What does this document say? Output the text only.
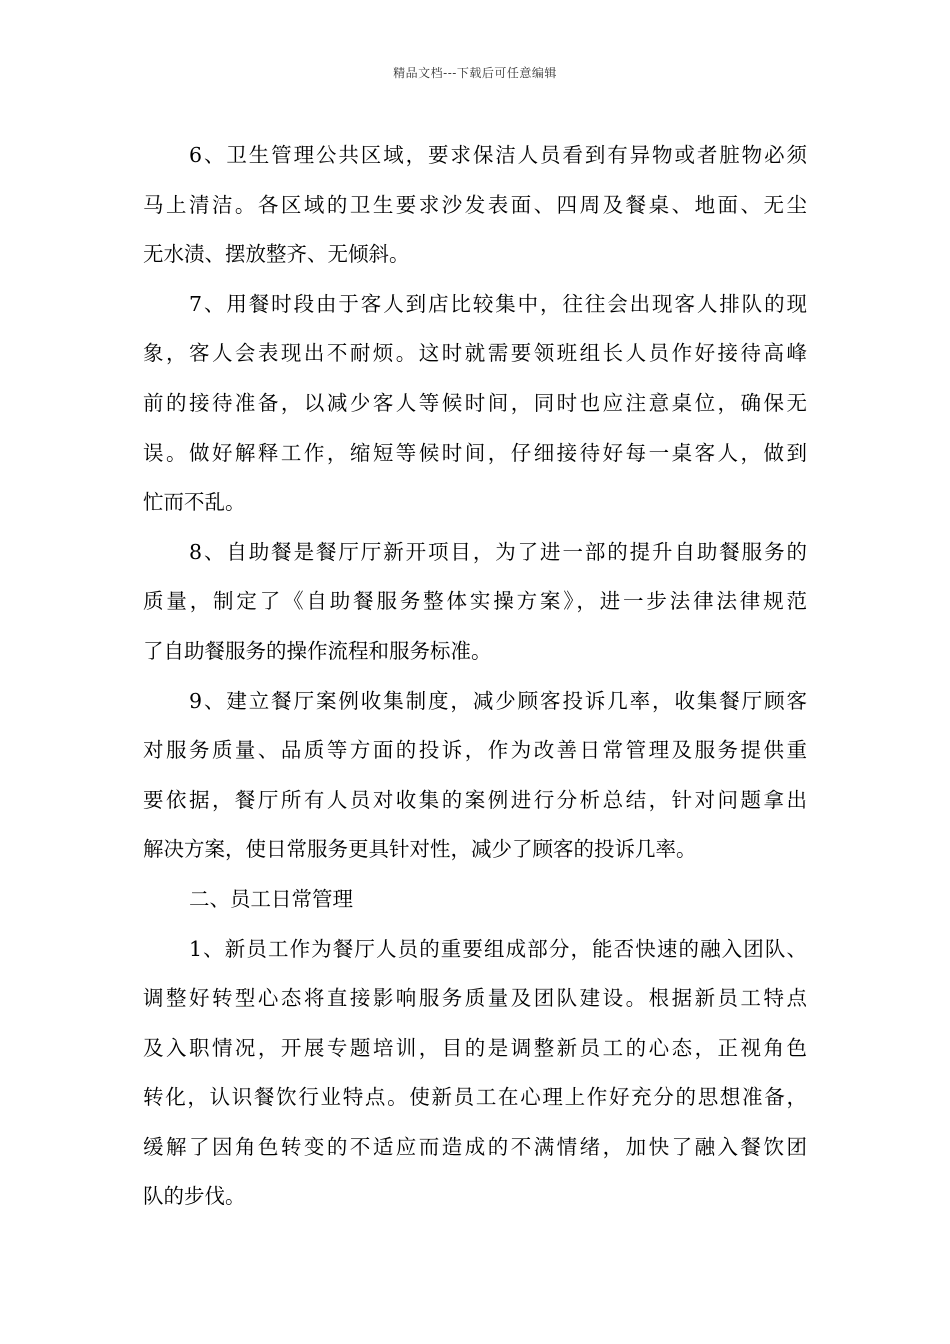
精品文档---下载后可任意编辑
6、卫生管理公共区域，要求保洁人员看到有异物或者脏物必须
马上清洁。各区域的卫生要求沙发表面、四周及餐桌、地面、无尘
无水渍、摆放整齐、无倾斜。
7、用餐时段由于客人到店比较集中，往往会出现客人排队的现
象，客人会表现出不耐烦。这时就需要领班组长人员作好接待高峰
前的接待准备，以减少客人等候时间，同时也应注意桌位，确保无
误。做好解释工作，缩短等候时间，仔细接待好每一桌客人，做到
忙而不乱。
8、自助餐是餐厅厅新开项目，为了进一部的提升自助餐服务的
质量，制定了《自助餐服务整体实操方案》，进一步法律法律规范
了自助餐服务的操作流程和服务标准。
9、建立餐厅案例收集制度，减少顾客投诉几率，收集餐厅顾客
对服务质量、品质等方面的投诉，作为改善日常管理及服务提供重
要依据，餐厅所有人员对收集的案例进行分析总结，针对问题拿出
解决方案，使日常服务更具针对性，减少了顾客的投诉几率。
二、员工日常管理
1、新员工作为餐厅人员的重要组成部分，能否快速的融入团队、
调整好转型心态将直接影响服务质量及团队建设。根据新员工特点
及入职情况，开展专题培训，目的是调整新员工的心态，正视角色
转化，认识餐饮行业特点。使新员工在心理上作好充分的思想准备，
缓解了因角色转变的不适应而造成的不满情绪，加快了融入餐饮团
队的步伐。
